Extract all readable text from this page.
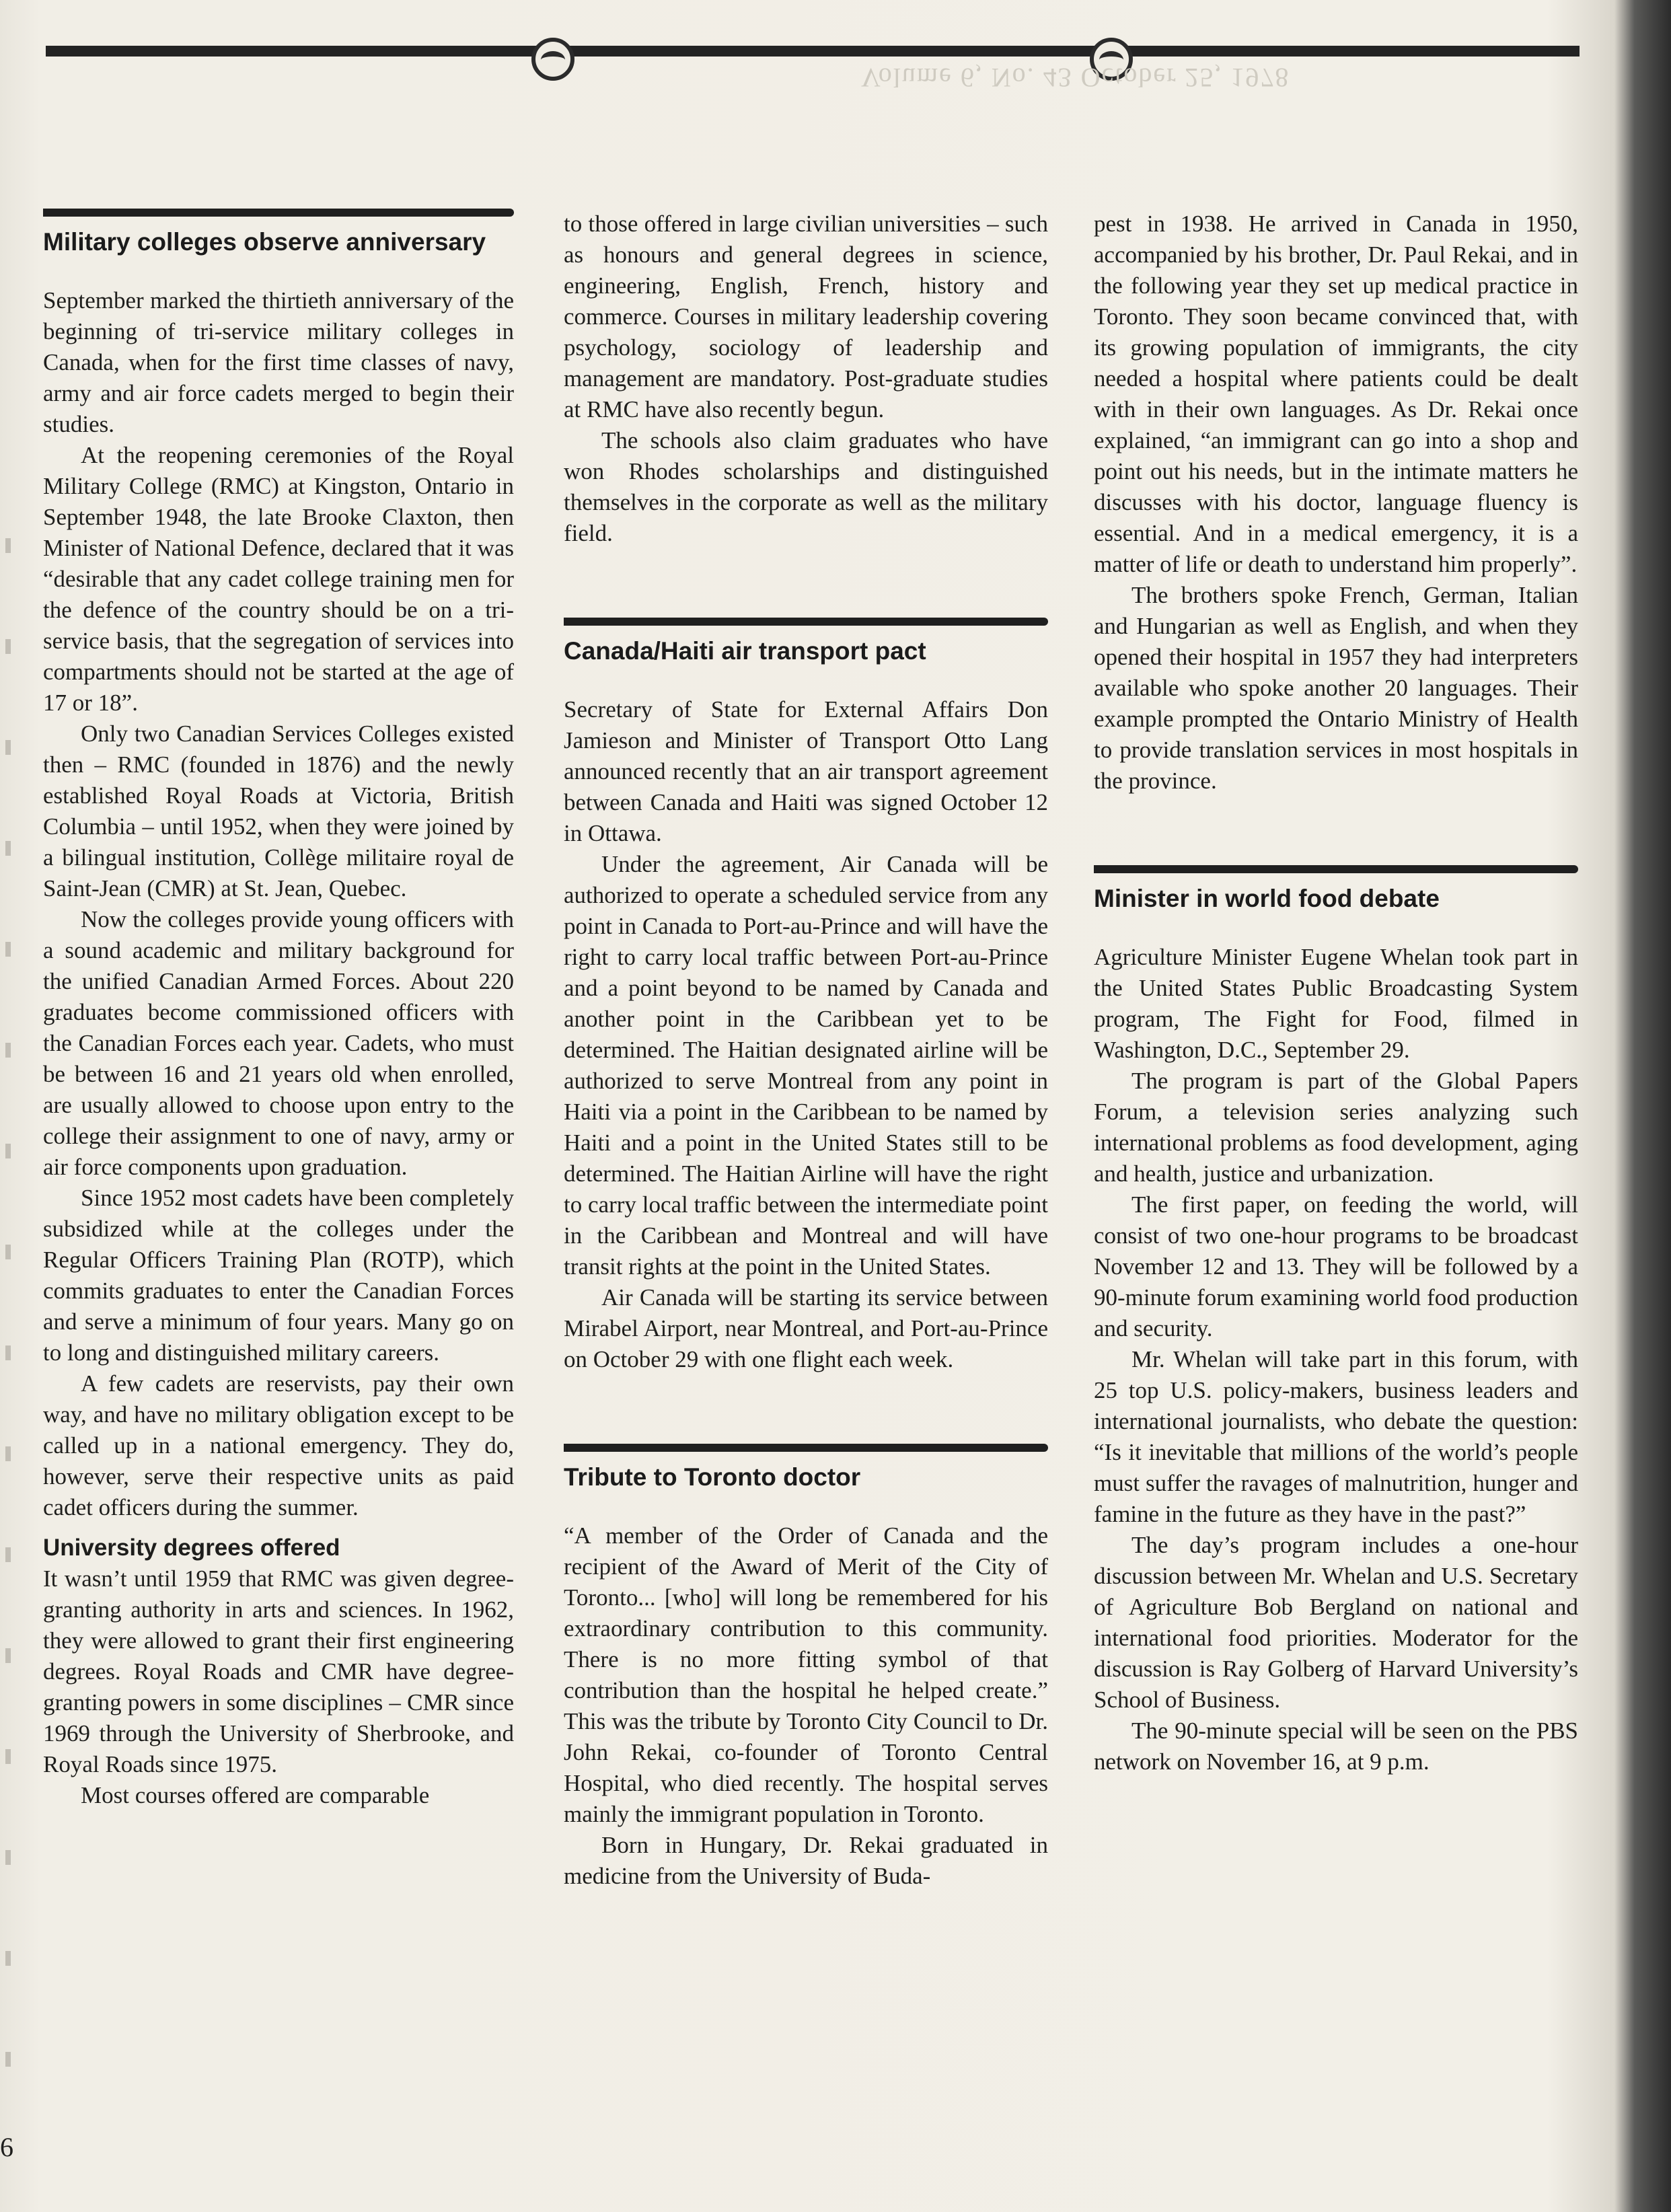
Volume 6, No. 43 October 25, 1978
Military colleges observe anniversary

September marked the thirtieth anniversary of the beginning of tri-service military colleges in Canada, when for the first time classes of navy, army and air force cadets merged to begin their studies.

At the reopening ceremonies of the Royal Military College (RMC) at Kingston, Ontario in September 1948, the late Brooke Claxton, then Minister of National Defence, declared that it was “desirable that any cadet college training men for the defence of the country should be on a tri-service basis, that the segregation of services into compartments should not be started at the age of 17 or 18”.

Only two Canadian Services Colleges existed then – RMC (founded in 1876) and the newly established Royal Roads at Victoria, British Columbia – until 1952, when they were joined by a bilingual institution, Collège militaire royal de Saint-Jean (CMR) at St. Jean, Quebec.

Now the colleges provide young officers with a sound academic and military background for the unified Canadian Armed Forces. About 220 graduates become commissioned officers with the Canadian Forces each year. Cadets, who must be between 16 and 21 years old when enrolled, are usually allowed to choose upon entry to the college their assignment to one of navy, army or air force components upon graduation.

Since 1952 most cadets have been completely subsidized while at the colleges under the Regular Officers Training Plan (ROTP), which commits graduates to enter the Canadian Forces and serve a minimum of four years. Many go on to long and distinguished military careers.

A few cadets are reservists, pay their own way, and have no military obligation except to be called up in a national emergency. They do, however, serve their respective units as paid cadet officers during the summer.

University degrees offered

It wasn’t until 1959 that RMC was given degree-granting authority in arts and sciences. In 1962, they were allowed to grant their first engineering degrees. Royal Roads and CMR have degree-granting powers in some disciplines – CMR since 1969 through the University of Sherbrooke, and Royal Roads since 1975.

Most courses offered are comparable

to those offered in large civilian universities – such as honours and general degrees in science, engineering, English, French, history and commerce. Courses in military leadership covering psychology, sociology of leadership and management are mandatory. Post-graduate studies at RMC have also recently begun.

The schools also claim graduates who have won Rhodes scholarships and distinguished themselves in the corporate as well as the military field.

Canada/Haiti air transport pact

Secretary of State for External Affairs Don Jamieson and Minister of Transport Otto Lang announced recently that an air transport agreement between Canada and Haiti was signed October 12 in Ottawa.

Under the agreement, Air Canada will be authorized to operate a scheduled service from any point in Canada to Port-au-Prince and will have the right to carry local traffic between Port-au-Prince and a point beyond to be named by Canada and another point in the Caribbean yet to be determined. The Haitian designated airline will be authorized to serve Montreal from any point in Haiti via a point in the Caribbean to be named by Haiti and a point in the United States still to be determined. The Haitian Airline will have the right to carry local traffic between the intermediate point in the Caribbean and Montreal and will have transit rights at the point in the United States.

Air Canada will be starting its service between Mirabel Airport, near Montreal, and Port-au-Prince on October 29 with one flight each week.

Tribute to Toronto doctor

“A member of the Order of Canada and the recipient of the Award of Merit of the City of Toronto... [who] will long be remembered for his extraordinary contribution to this community. There is no more fitting symbol of that contribution than the hospital he helped create.” This was the tribute by Toronto City Council to Dr. John Rekai, co-founder of Toronto Central Hospital, who died recently. The hospital serves mainly the immigrant population in Toronto.

Born in Hungary, Dr. Rekai graduated in medicine from the University of Buda-

pest in 1938. He arrived in Canada in 1950, accompanied by his brother, Dr. Paul Rekai, and in the following year they set up medical practice in Toronto. They soon became convinced that, with its growing population of immigrants, the city needed a hospital where patients could be dealt with in their own languages. As Dr. Rekai once explained, “an immigrant can go into a shop and point out his needs, but in the intimate matters he discusses with his doctor, language fluency is essential. And in a medical emergency, it is a matter of life or death to understand him properly”.

The brothers spoke French, German, Italian and Hungarian as well as English, and when they opened their hospital in 1957 they had interpreters available who spoke another 20 languages. Their example prompted the Ontario Ministry of Health to provide translation services in most hospitals in the province.

Minister in world food debate

Agriculture Minister Eugene Whelan took part in the United States Public Broadcasting System program, The Fight for Food, filmed in Washington, D.C., September 29.

The program is part of the Global Papers Forum, a television series analyzing such international problems as food development, aging and health, justice and urbanization.

The first paper, on feeding the world, will consist of two one-hour programs to be broadcast November 12 and 13. They will be followed by a 90-minute forum examining world food production and security.

Mr. Whelan will take part in this forum, with 25 top U.S. policy-makers, business leaders and international journalists, who debate the question: “Is it inevitable that millions of the world’s people must suffer the ravages of malnutrition, hunger and famine in the future as they have in the past?”

The day’s program includes a one-hour discussion between Mr. Whelan and U.S. Secretary of Agriculture Bob Bergland on national and international food priorities. Moderator for the discussion is Ray Golberg of Harvard University’s School of Business.

The 90-minute special will be seen on the PBS network on November 16, at 9 p.m.

6
